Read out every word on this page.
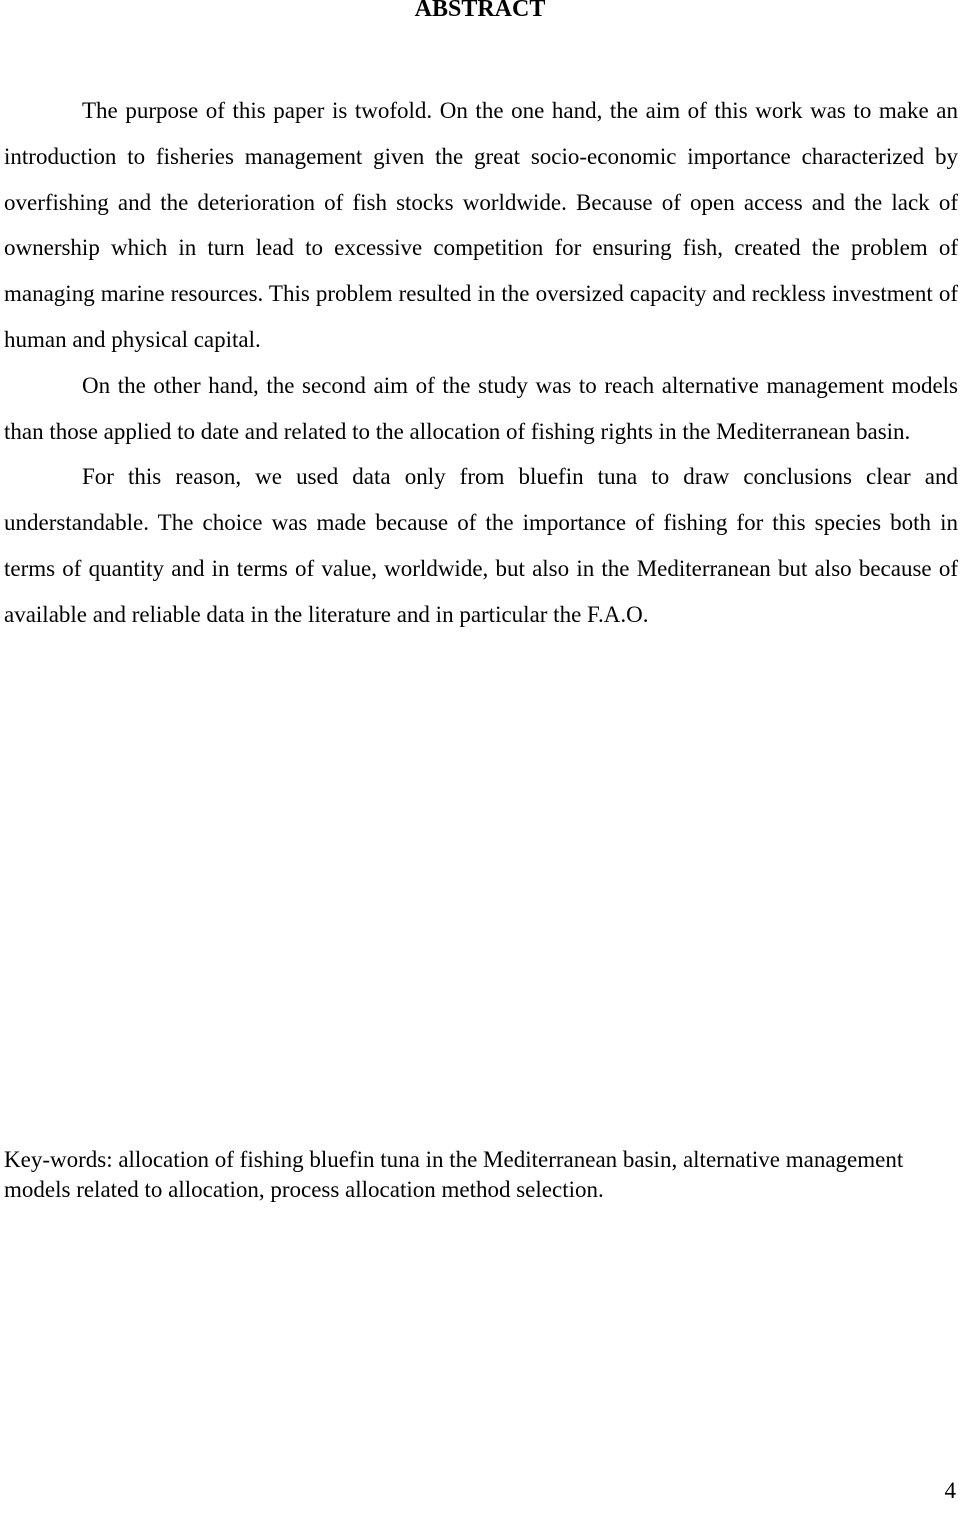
ABSTRACT

The purpose of this paper is twofold. On the one hand, the aim of this work was to make an introduction to fisheries management given the great socio-economic importance characterized by overfishing and the deterioration of fish stocks worldwide. Because of open access and the lack of ownership which in turn lead to excessive competition for ensuring fish, created the problem of managing marine resources. This problem resulted in the oversized capacity and reckless investment of human and physical capital.

On the other hand, the second aim of the study was to reach alternative management models than those applied to date and related to the allocation of fishing rights in the Mediterranean basin.

For this reason, we used data only from bluefin tuna to draw conclusions clear and understandable. The choice was made because of the importance of fishing for this species both in terms of quantity and in terms of value, worldwide, but also in the Mediterranean but also because of available and reliable data in the literature and in particular the F.A.O.

Key-words: allocation of fishing bluefin tuna in the Mediterranean basin, alternative management models related to allocation, process allocation method selection.

4
